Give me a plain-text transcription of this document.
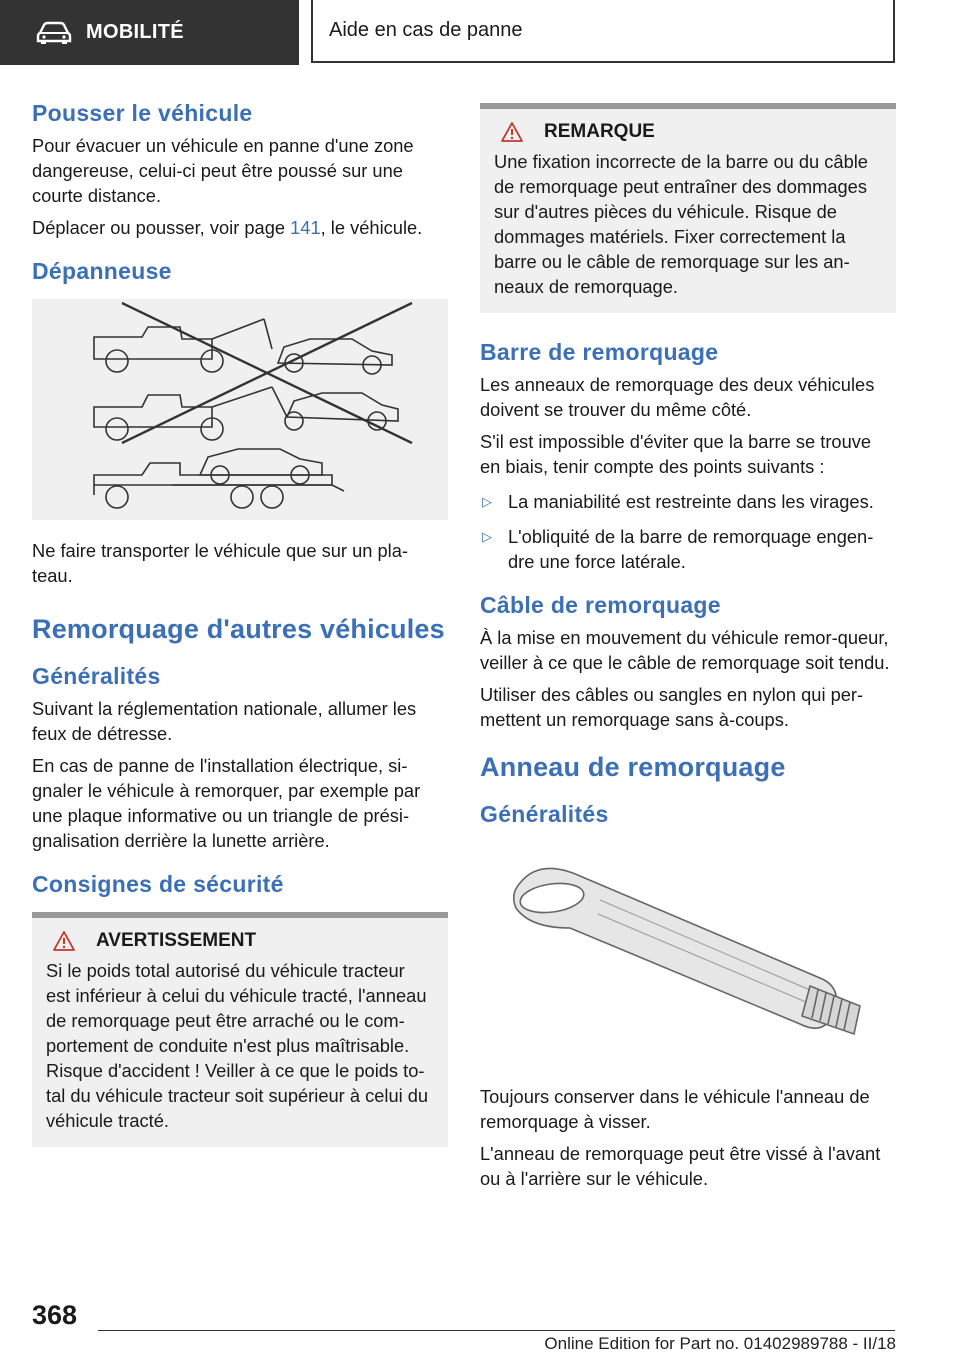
MOBILITÉ	Aide en cas de panne
Pousser le véhicule

Pour évacuer un véhicule en panne d'une zone dangereuse, celui-ci peut être poussé sur une courte distance.

Déplacer ou pousser, voir page 141, le véhicule.

Dépanneuse

Ne faire transporter le véhicule que sur un pla-teau.

Remorquage d'autres véhicules
Généralités

Suivant la réglementation nationale, allumer les feux de détresse.

En cas de panne de l'installation électrique, si-gnaler le véhicule à remorquer, par exemple par une plaque informative ou un triangle de prési-gnalisation derrière la lunette arrière.

Consignes de sécurité
AVERTISSEMENT

Si le poids total autorisé du véhicule tracteur est inférieur à celui du véhicule tracté, l'anneau de remorquage peut être arraché ou le com-portement de conduite n'est plus maîtrisable. Risque d'accident ! Veiller à ce que le poids to-tal du véhicule tracteur soit supérieur à celui du véhicule tracté.

REMARQUE

Une fixation incorrecte de la barre ou du câble de remorquage peut entraîner des dommages sur d'autres pièces du véhicule. Risque de dommages matériels. Fixer correctement la barre ou le câble de remorquage sur les an-neaux de remorquage.

Barre de remorquage

Les anneaux de remorquage des deux véhicules doivent se trouver du même côté.

S'il est impossible d'éviter que la barre se trouve en biais, tenir compte des points suivants :

▷ La maniabilité est restreinte dans les virages.
▷ L'obliquité de la barre de remorquage engen-dre une force latérale.
Câble de remorquage

À la mise en mouvement du véhicule remor-queur, veiller à ce que le câble de remorquage soit tendu.

Utiliser des câbles ou sangles en nylon qui per-mettent un remorquage sans à-coups.

Anneau de remorquage
Généralités

Toujours conserver dans le véhicule l'anneau de remorquage à visser.

L'anneau de remorquage peut être vissé à l'avant ou à l'arrière sur le véhicule.

368
Online Edition for Part no. 01402989788 - II/18
